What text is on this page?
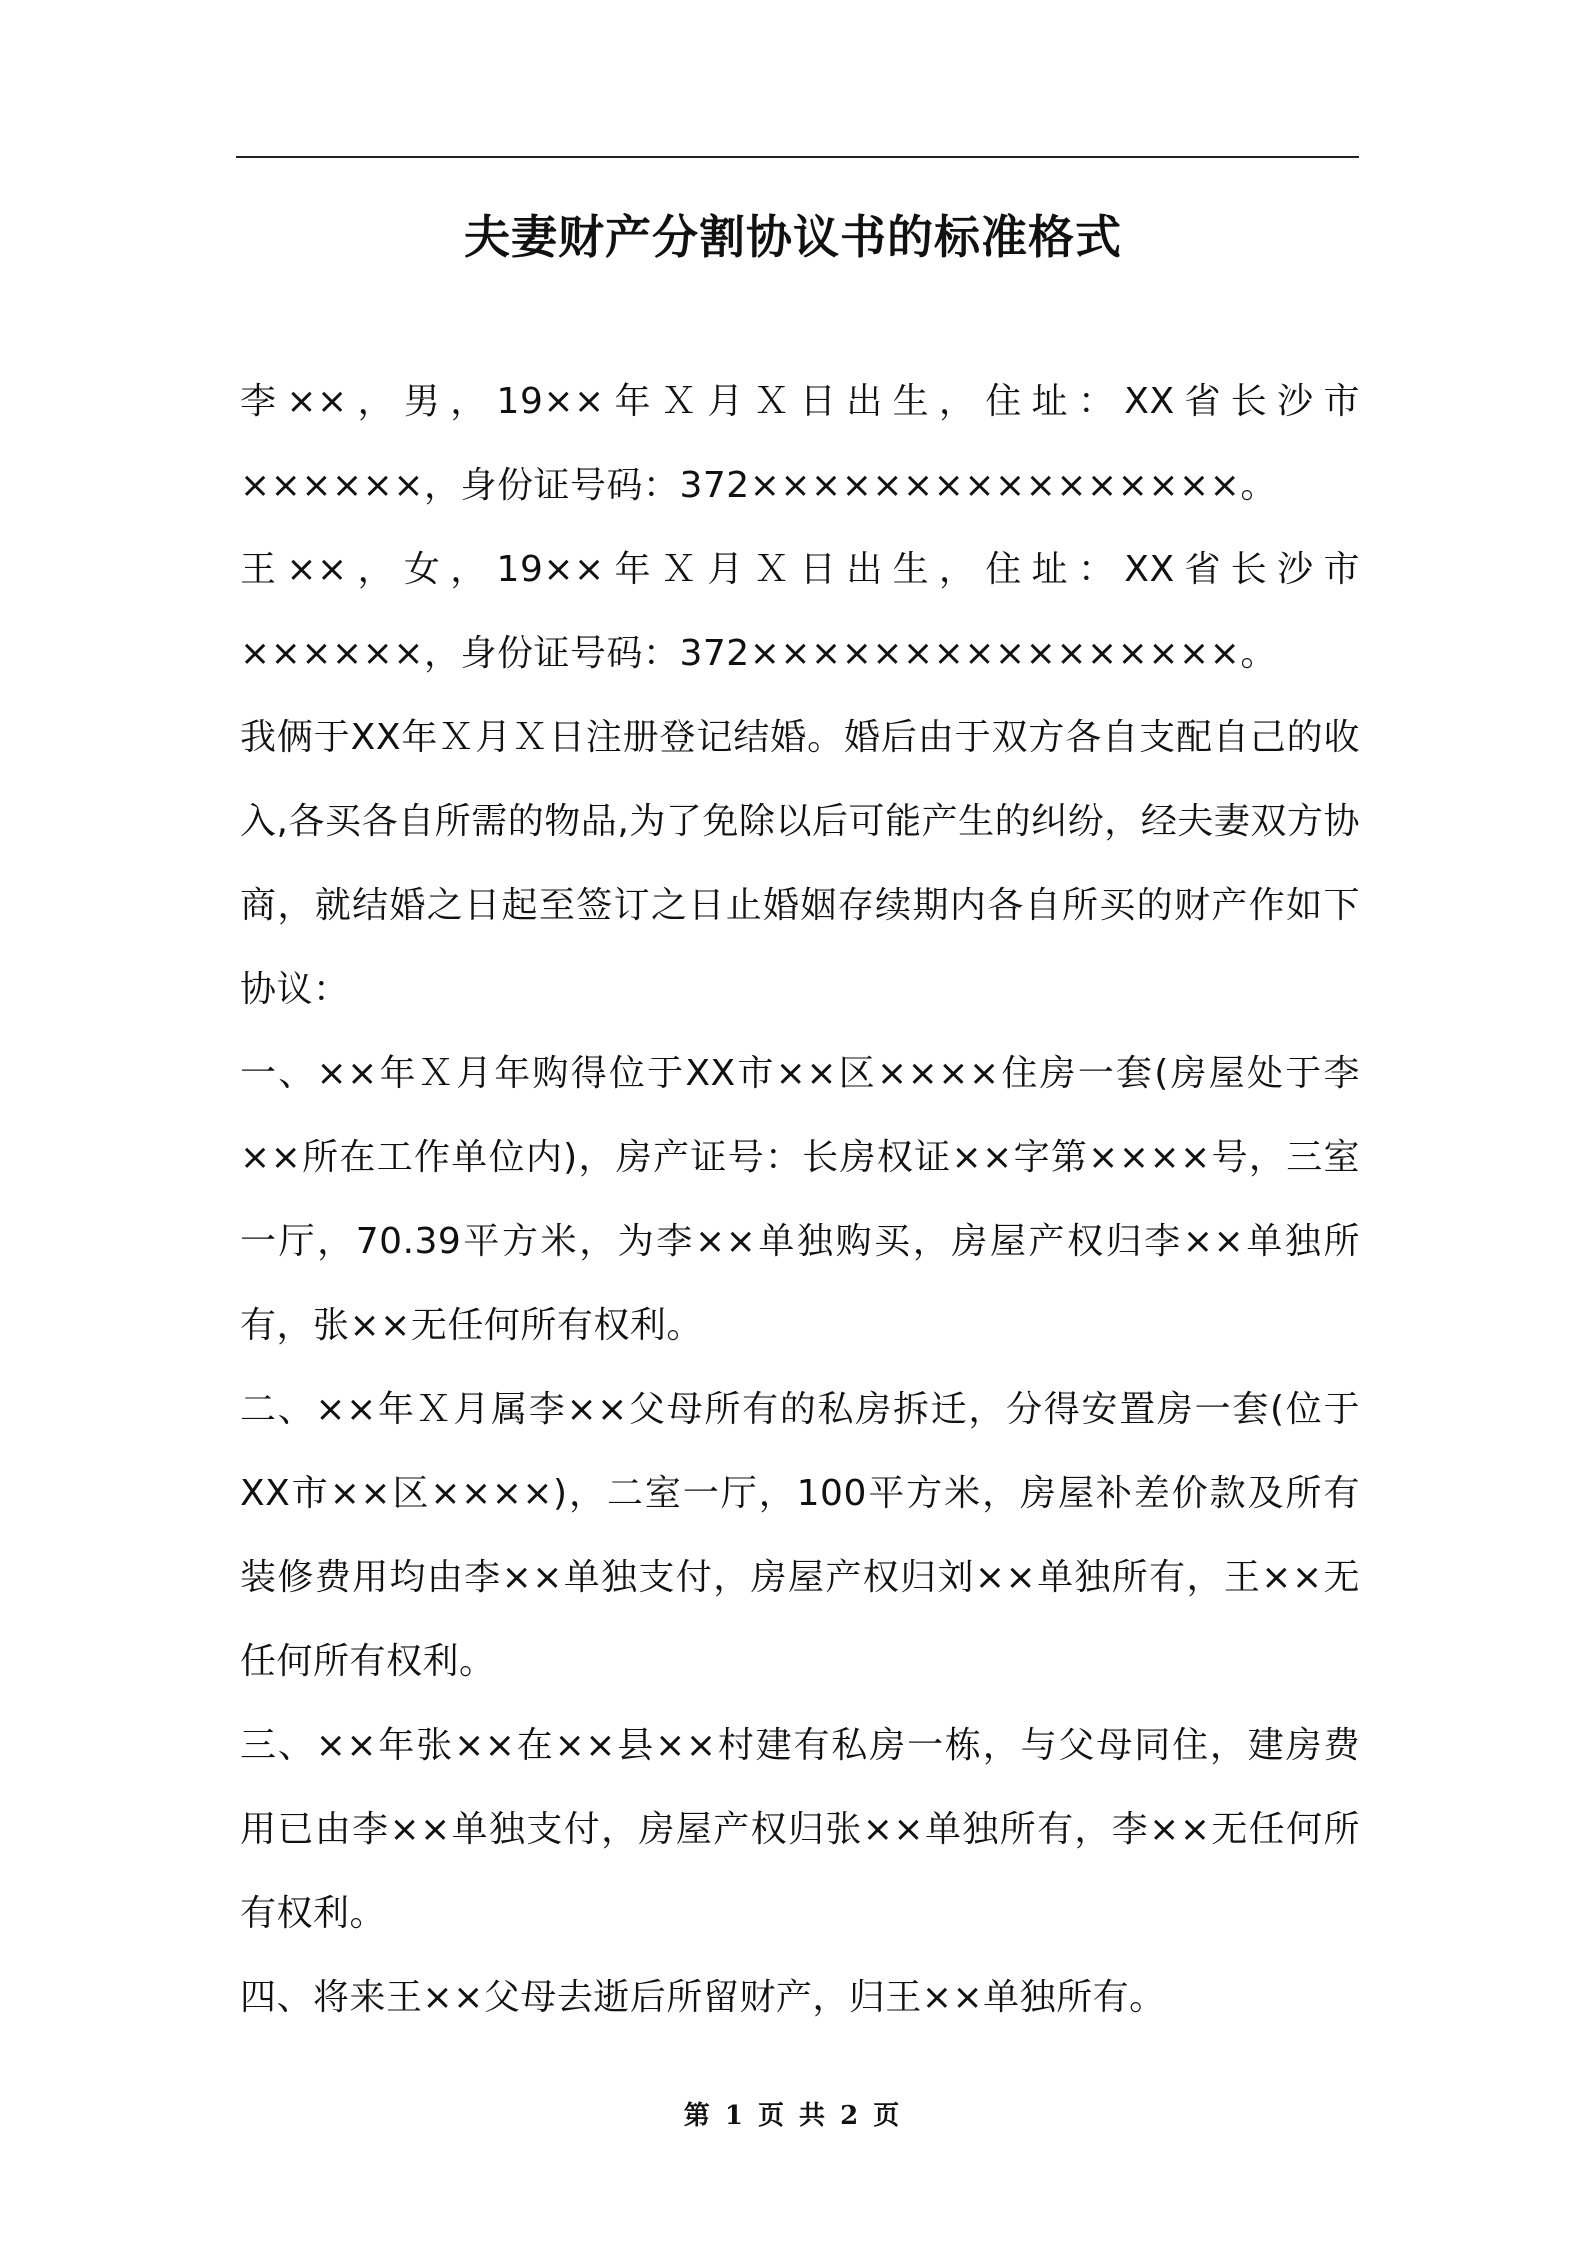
夫妻财产分割协议书的标准格式

李××，男，19××年Ｘ月Ｘ日出生，住址：XX省长沙市××××××，身份证号码：372××××××××××××××××。

王××，女，19××年Ｘ月Ｘ日出生，住址：XX省长沙市××××××，身份证号码：372××××××××××××××××。

我俩于XX年Ｘ月Ｘ日注册登记结婚。婚后由于双方各自支配自己的收入,各买各自所需的物品,为了免除以后可能产生的纠纷，经夫妻双方协商，就结婚之日起至签订之日止婚姻存续期内各自所买的财产作如下协议：

一、××年Ｘ月年购得位于XX市××区××××住房一套(房屋处于李××所在工作单位内)，房产证号：长房权证××字第××××号，三室一厅，70.39平方米，为李××单独购买，房屋产权归李××单独所有，张××无任何所有权利。

二、××年Ｘ月属李××父母所有的私房拆迁，分得安置房一套(位于XX市××区××××)，二室一厅，100平方米，房屋补差价款及所有装修费用均由李××单独支付，房屋产权归刘××单独所有，王××无任何所有权利。

三、××年张××在××县××村建有私房一栋，与父母同住，建房费用已由李××单独支付，房屋产权归张××单独所有，李××无任何所有权利。

四、将来王××父母去逝后所留财产，归王××单独所有。

第 1 页 共 2 页
